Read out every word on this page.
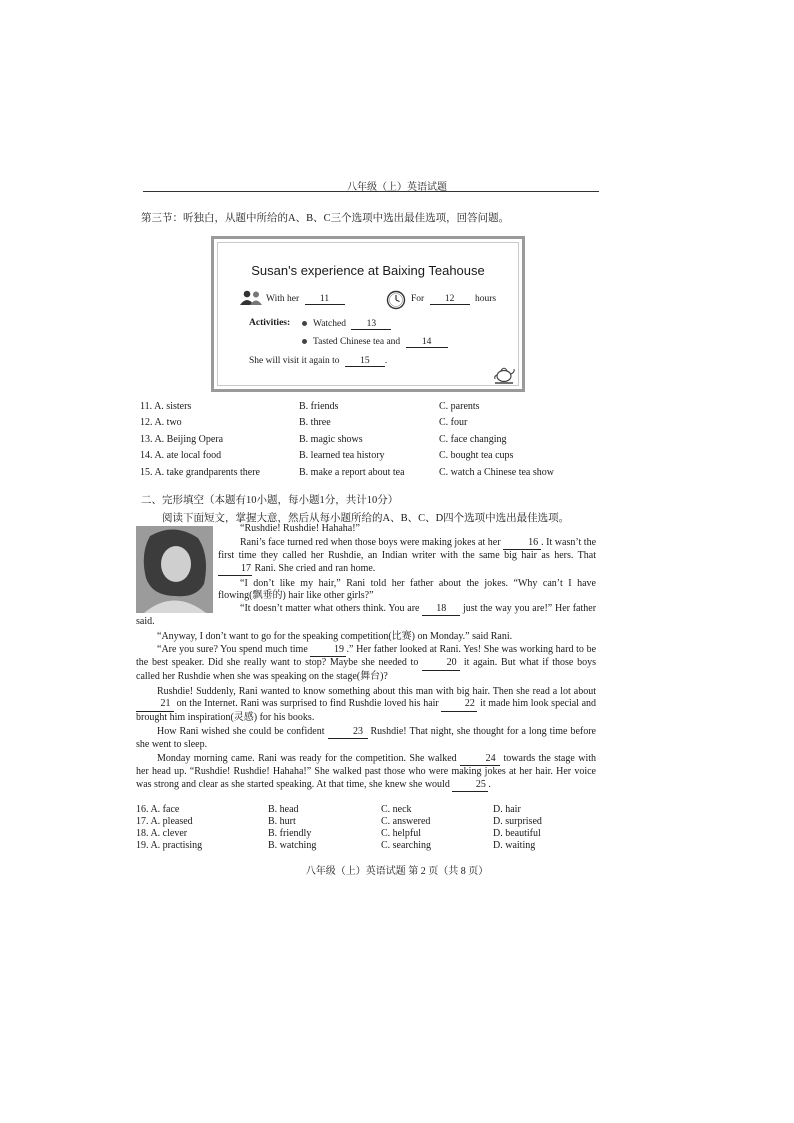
八年级（上）英语试题
第三节：听独白，从题中所给的A、B、C三个选项中选出最佳选项，回答问题。
Susan's experience at Baixing Teahouse
With her 11	For 12 hours
Activities:	Watched 13
Tasted Chinese tea and 14
She will visit it again to 15 .
11. A. sisters	B. friends	C. parents
12. A. two	B. three	C. four
13. A. Beijing Opera	B. magic shows	C. face changing
14. A. ate local food	B. learned tea history	C. bought tea cups
15. A. take grandparents there	B. make a report about tea	C. watch a Chinese tea show
二、完形填空（本题有10小题，每小题1分，共计10分）
阅读下面短文，掌握大意，然后从每小题所给的A、B、C、D四个选项中选出最佳选项。
“Rushdie! Rushdie! Hahaha!”
Rani’s face turned red when those boys were making jokes at her	16 . It wasn’t the first time they called her Rushdie, an Indian writer with the same big hair as hers. That 17 Rani. She cried and ran home.
“I don’t like my hair,” Rani told her father about the jokes. “Why can’t I have flowing(飘垂的) hair like other girls?”
“It doesn’t matter what others think. You are 18 just the way you are!” Her father said.
“Anyway, I don’t want to go for the speaking competition(比赛) on Monday.” said Rani.
“Are you sure? You spend much time	19 .” Her father looked at Rani. Yes! She was working hard to be the best speaker. Did she really want to stop? Maybe she needed to	20 it again. But what if those boys called her Rushdie when she was speaking on the stage(舞台)?
Rushdie! Suddenly, Rani wanted to know something about this man with big hair. Then she read a lot about 21 on the Internet. Rani was surprised to find Rushdie loved his hair	22 it made him look special and brought him inspiration(灵感) for his books.
How Rani wished she could be confident	23 Rushdie! That night, she thought for a long time before she went to sleep.
Monday morning came. Rani was ready for the competition. She walked	24 towards the stage with her head up. “Rushdie! Rushdie! Hahaha!” She walked past those who were making jokes at her hair. Her voice was strong and clear as she started speaking. At that time, she knew she would	25 .
16. A. face	B. head	C. neck	D. hair
17. A. pleased	B. hurt	C. answered	D. surprised
18. A. clever	B. friendly	C. helpful	D. beautiful
19. A. practising	B. watching	C. searching	D. waiting
八年级（上）英语试题 第 2 页（共 8 页）
